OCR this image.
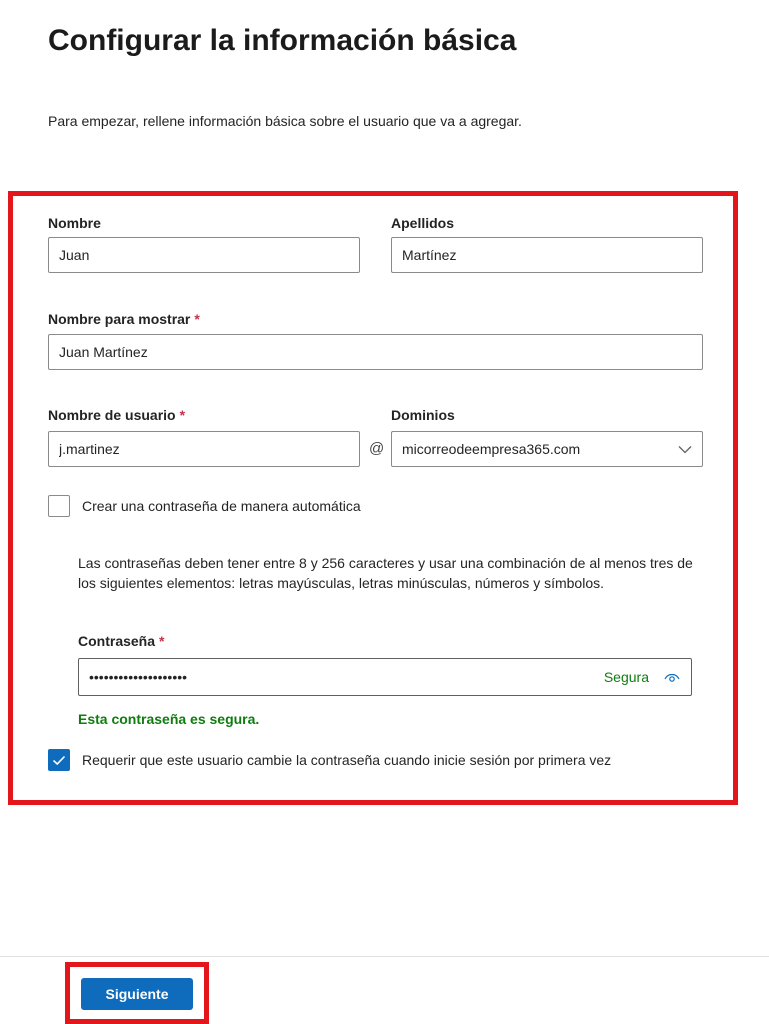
Configurar la información básica
Para empezar, rellene información básica sobre el usuario que va a agregar.
Nombre
Juan	Apellidos
Martínez
Nombre para mostrar *
Juan Martínez
Nombre de usuario *
j.martinez
@
Dominios
micorreodeempresa365.com
Crear una contraseña de manera automática
Las contraseñas deben tener entre 8 y 256 caracteres y usar una combinación de al menos tres de los siguientes elementos: letras mayúsculas, letras minúsculas, números y símbolos.
Contraseña *
••••••••••••••••••••	Segura
Esta contraseña es segura.
Requerir que este usuario cambie la contraseña cuando inicie sesión por primera vez
Siguiente
